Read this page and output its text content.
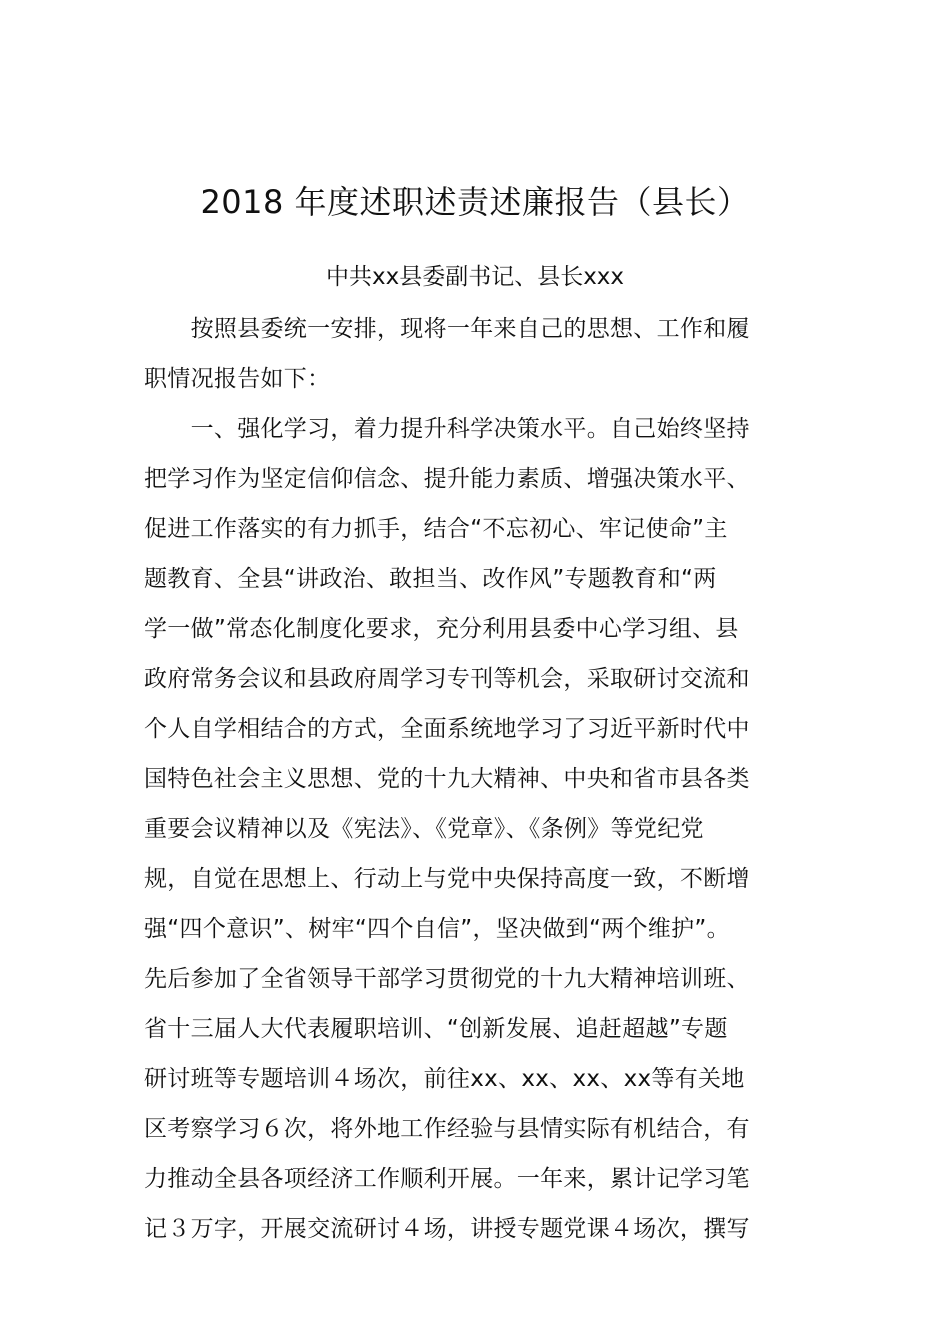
2018 年度述职述责述廉报告（县长）
中共xx县委副书记、县长xxx
　　按照县委统一安排，现将一年来自己的思想、工作和履
职情况报告如下：
　　一、强化学习，着力提升科学决策水平。自己始终坚持
把学习作为坚定信仰信念、提升能力素质、增强决策水平、
促进工作落实的有力抓手，结合“不忘初心、牢记使命”主
题教育、全县“讲政治、敢担当、改作风”专题教育和“两
学一做”常态化制度化要求，充分利用县委中心学习组、县
政府常务会议和县政府周学习专刊等机会，采取研讨交流和
个人自学相结合的方式，全面系统地学习了习近平新时代中
国特色社会主义思想、党的十九大精神、中央和省市县各类
重要会议精神以及《宪法》、《党章》、《条例》等党纪党
规，自觉在思想上、行动上与党中央保持高度一致，不断增
强“四个意识”、树牢“四个自信”，坚决做到“两个维护”。
先后参加了全省领导干部学习贯彻党的十九大精神培训班、
省十三届人大代表履职培训、“创新发展、追赶超越”专题
研讨班等专题培训４场次，前往xx、xx、xx、xx等有关地
区考察学习６次，将外地工作经验与县情实际有机结合，有
力推动全县各项经济工作顺利开展。一年来，累计记学习笔
记３万字，开展交流研讨４场，讲授专题党课４场次，撰写
